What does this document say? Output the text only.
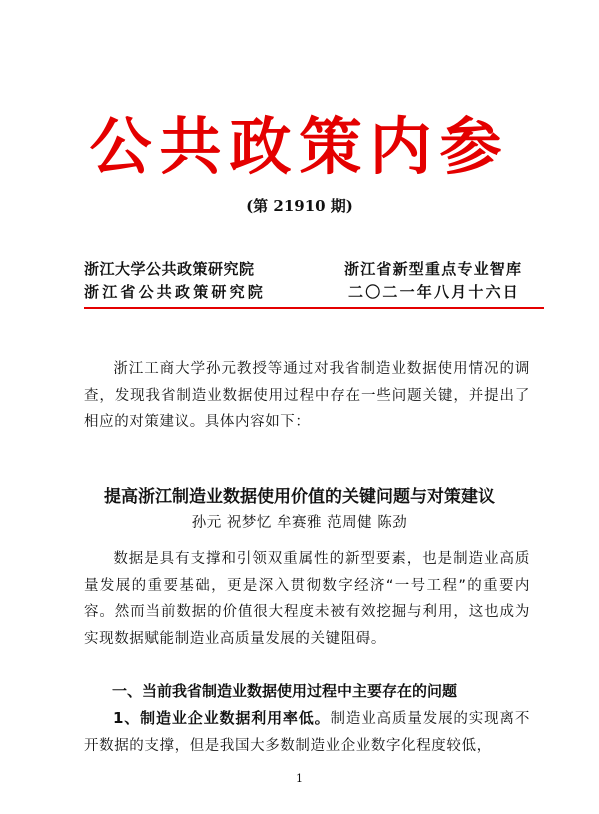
公共政策内参
(第 21910 期)
浙江大学公共政策研究院
浙江省公共政策研究院
浙江省新型重点专业智库
二〇二一年八月十六日

浙江工商大学孙元教授等通过对我省制造业数据使用情况的调查，发现我省制造业数据使用过程中存在一些问题关键，并提出了相应的对策建议。具体内容如下：

提高浙江制造业数据使用价值的关键问题与对策建议
孙元 祝梦忆 牟赛雅 范周健 陈劲

数据是具有支撑和引领双重属性的新型要素，也是制造业高质量发展的重要基础，更是深入贯彻数字经济“一号工程”的重要内容。然而当前数据的价值很大程度未被有效挖掘与利用，这也成为实现数据赋能制造业高质量发展的关键阻碍。

一、当前我省制造业数据使用过程中主要存在的问题

1、制造业企业数据利用率低。制造业高质量发展的实现离不开数据的支撑，但是我国大多数制造业企业数字化程度较低，

1
